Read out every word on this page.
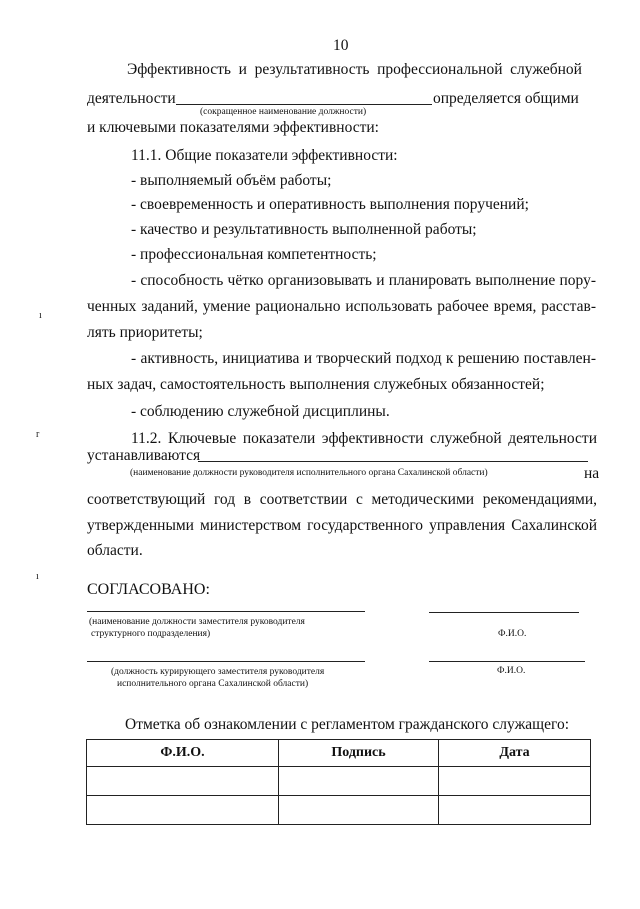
10
Эффективность и результативность профессиональной служебной
деятельности	определяется общими
(сокращенное наименование должности)
и ключевыми показателями эффективности:
11.1. Общие показатели эффективности:
- выполняемый объём работы;
- своевременность и оперативность выполнения поручений;
- качество и результативность выполненной работы;
- профессиональная компетентность;
- способность чётко организовывать и планировать выполнение пору-
ченных заданий, умение рационально использовать рабочее время, расстав-
лять приоритеты;
- активность, инициатива и творческий подход к решению поставлен-
ных задач, самостоятельность выполнения служебных обязанностей;
- соблюдению служебной дисциплины.
11.2. Ключевые показатели эффективности служебной деятельности
устанавливаются
(наименование должности руководителя исполнительного органа Сахалинской области)	на
соответствующий год в соответствии с методическими рекомендациями,
утвержденными министерством государственного управления Сахалинской
области.
СОГЛАСОВАНО:
(наименование должности заместителя руководителя
структурного подразделения)	Ф.И.О.
(должность курирующего заместителя руководителя
исполнительного органа Сахалинской области)
Ф.И.О.
Отметка об ознакомлении с регламентом гражданского служащего:
Ф.И.О.	Подпись	Дата

ı
r
ı
